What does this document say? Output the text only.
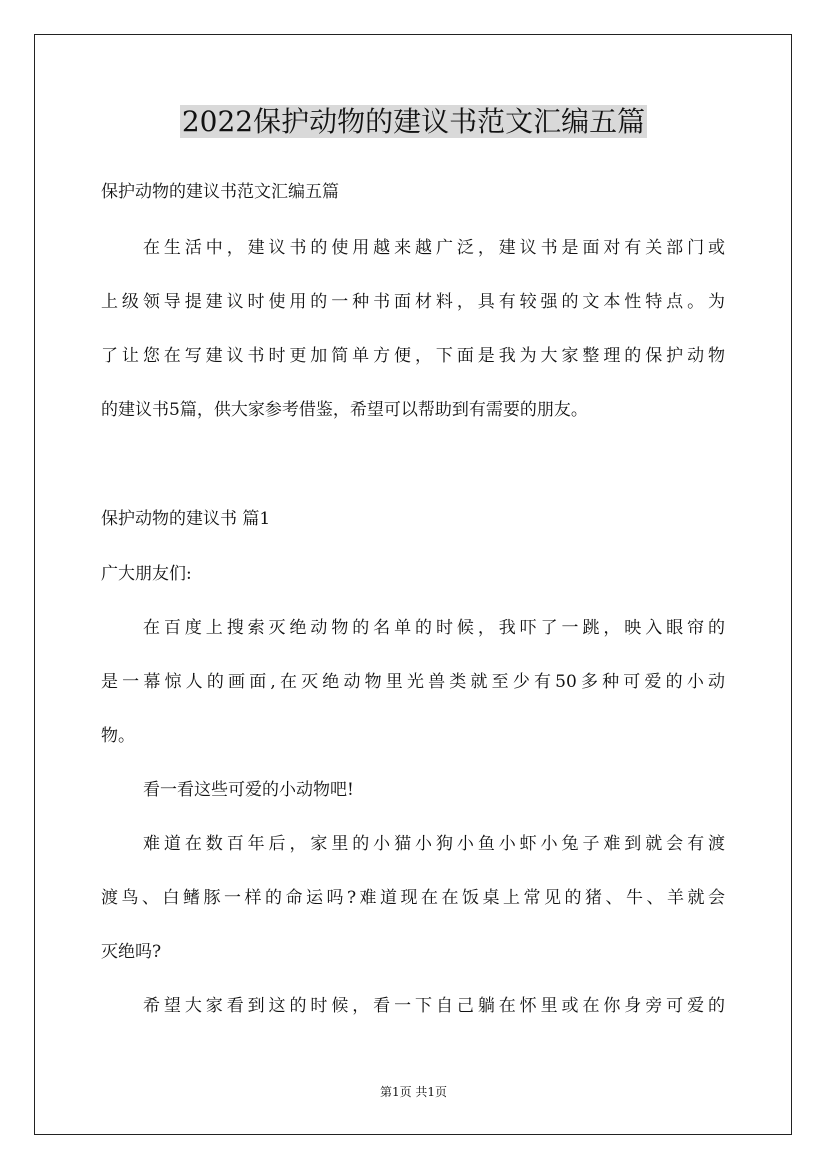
2022保护动物的建议书范文汇编五篇
保护动物的建议书范文汇编五篇
在生活中，建议书的使用越来越广泛，建议书是面对有关部门或
上级领导提建议时使用的一种书面材料，具有较强的文本性特点。为
了让您在写建议书时更加简单方便，下面是我为大家整理的保护动物
的建议书5篇，供大家参考借鉴，希望可以帮助到有需要的朋友。
保护动物的建议书 篇1
广大朋友们:
在百度上搜索灭绝动物的名单的时候，我吓了一跳，映入眼帘的
是一幕惊人的画面,在灭绝动物里光兽类就至少有50多种可爱的小动
物。
看一看这些可爱的小动物吧!
难道在数百年后，家里的小猫小狗小鱼小虾小兔子难到就会有渡
渡鸟、白鳍豚一样的命运吗?难道现在在饭桌上常见的猪、牛、羊就会
灭绝吗?
希望大家看到这的时候，看一下自己躺在怀里或在你身旁可爱的
第1页 共1页
